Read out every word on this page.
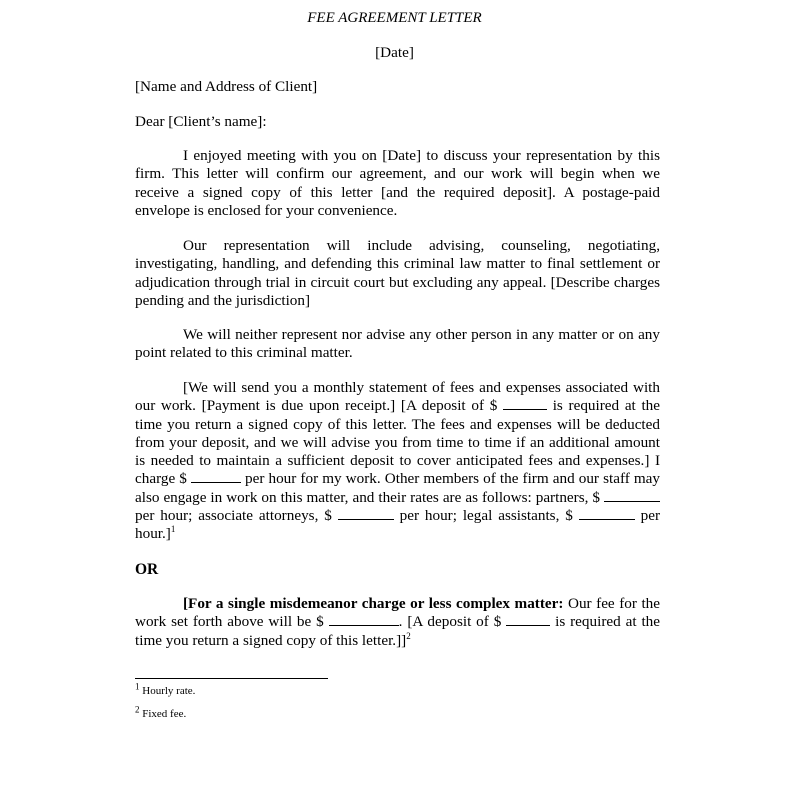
FEE AGREEMENT LETTER
[Date]
[Name and Address of Client]
Dear [Client’s name]:
I enjoyed meeting with you on [Date] to discuss your representation by this firm. This letter will confirm our agreement, and our work will begin when we receive a signed copy of this letter [and the required deposit]. A postage-paid envelope is enclosed for your convenience.
Our representation will include advising, counseling, negotiating, investigating, handling, and defending this criminal law matter to final settlement or adjudication through trial in circuit court but excluding any appeal. [Describe charges pending and the jurisdiction]
We will neither represent nor advise any other person in any matter or on any point related to this criminal matter.
[We will send you a monthly statement of fees and expenses associated with our work. [Payment is due upon receipt.] [A deposit of $	is required at the time you return a signed copy of this letter. The fees and expenses will be deducted from your deposit, and we will advise you from time to time if an additional amount is needed to maintain a sufficient deposit to cover anticipated fees and expenses.] I charge $	per hour for my work. Other members of the firm and our staff may also engage in work on this matter, and their rates are as follows: partners, $  per hour; associate attorneys, $	per hour; legal assistants, $	per hour.]$^1$
OR
[For a single misdemeanor charge or less complex matter: Our fee for the work set forth above will be $	. [A deposit of $	is required at the time you return a signed copy of this letter.]]$^2$
$^1$ Hourly rate.
$^2$ Fixed fee.
